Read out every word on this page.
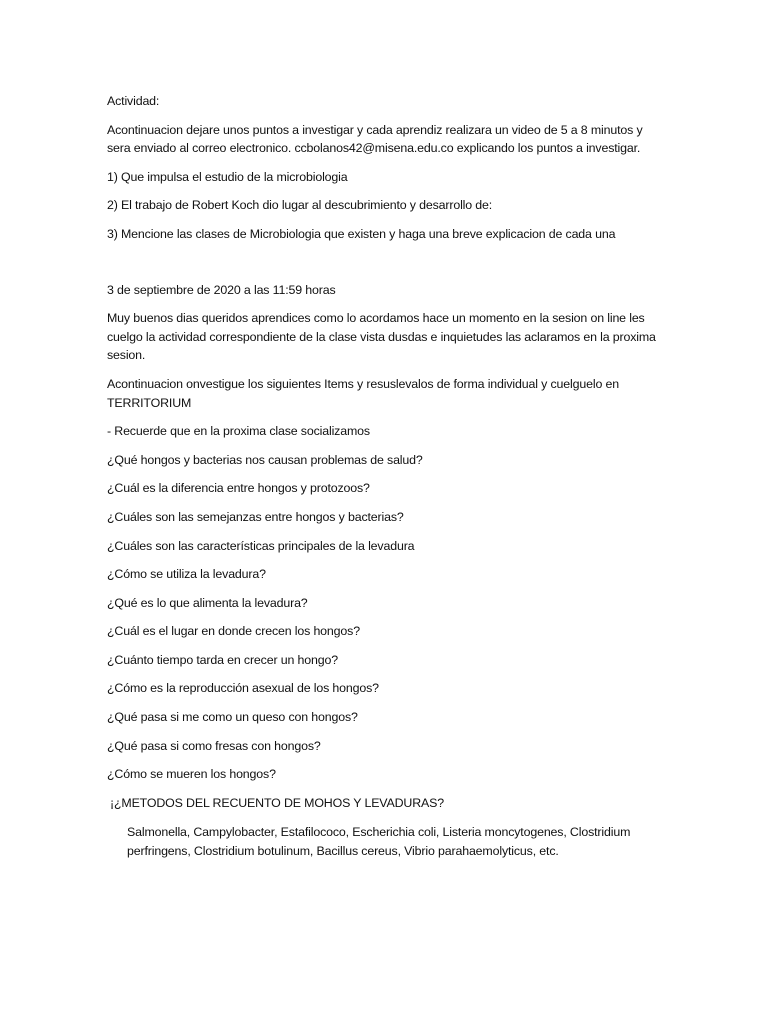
Actividad:

Acontinuacion dejare unos puntos a investigar y cada aprendiz realizara un video de 5 a 8 minutos y sera enviado al correo electronico. ccbolanos42@misena.edu.co explicando los puntos a investigar.

1) Que impulsa el estudio de la microbiologia

2) El trabajo de Robert Koch dio lugar al descubrimiento y desarrollo de:

3) Mencione las clases de Microbiologia que existen y haga una breve explicacion de cada una

3 de septiembre de 2020 a las 11:59 horas

Muy buenos dias queridos aprendices como lo acordamos hace un momento en la sesion on line les cuelgo la actividad correspondiente de la clase vista dusdas e inquietudes las aclaramos en la proxima sesion.

Acontinuacion onvestigue los siguientes Items y resuslevalos de forma individual y cuelguelo en TERRITORIUM

- Recuerde que en la proxima clase socializamos

¿Qué hongos y bacterias nos causan problemas de salud?

¿Cuál es la diferencia entre hongos y protozoos?

¿Cuáles son las semejanzas entre hongos y bacterias?

¿Cuáles son las características principales de la levadura

¿Cómo se utiliza la levadura?

¿Qué es lo que alimenta la levadura?

¿Cuál es el lugar en donde crecen los hongos?

¿Cuánto tiempo tarda en crecer un hongo?

¿Cómo es la reproducción asexual de los hongos?

¿Qué pasa si me como un queso con hongos?

¿Qué pasa si como fresas con hongos?

¿Cómo se mueren los hongos?

¡¿METODOS DEL RECUENTO DE MOHOS Y LEVADURAS?

Salmonella, Campylobacter, Estafilococo, Escherichia coli, Listeria moncytogenes, Clostridium perfringens, Clostridium botulinum, Bacillus cereus, Vibrio parahaemolyticus, etc.
